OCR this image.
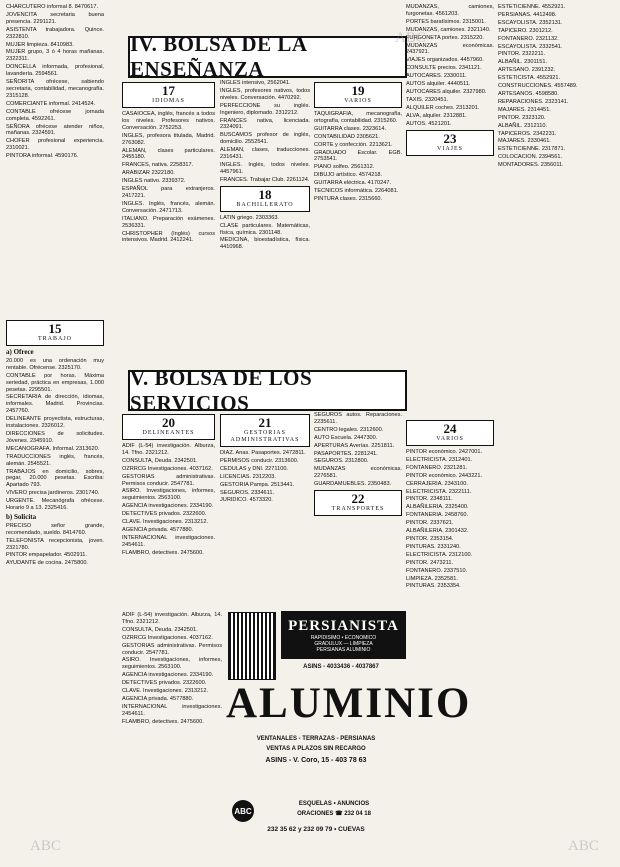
CHARCUTERO informal 8. 8470617.

JOVENCITA secretaria buena presencia. 2291121.

ASISTENTA trabajadora. Quince. 2322810.

MUJER limpieza. 8410983.

MUJER grupo, 3 ó 4 horas mañanas. 2322311.

DONCELLA informada, profesional, lavandería. 2594561.

SEÑORITA ofrécese, sabiendo secretaria, contabilidad, mecanografía. 2315128.

COMERCIANTE informal. 2414524.

CONTABLE ofrécese jornada completa. 4592261.

SEÑORA ofrécese atender niños, mañanas. 2324591.

CHOFER profesional experiencia. 2310021.

PINTORA informal. 4590176.

15
TRABAJO
a) Ofrece

20.000 es una ordenación muy rentable. Ofrécense. 2325170.

CONTABLE por horas. Máxima seriedad, práctica en empresas, 1.000 pesetas. 2295501.

SECRETARIA de dirección, idiomas, informales. Madrid. Provincias. 2457760.

DELINEANTE proyectista, estructuras, instalaciones. 2326012.

DIRECCIONES de solicitudes. Jóvenes. 2345910.

MECANOGRAFA. Informal. 2313620.

TRADUCCIONES inglés, francés, alemán. 2545521.

TRABAJOS en domicilio, sobres, pegar, 20.000 pesetas. Escriba: Apartado 793.

VIVERO precisa jardineros. 2301740.

URGENTE. Mecanógrafa ofrécese. Horario 9 a 13. 2325416.

b) Solicita

PRECISO señor grande, recomendado, sueldo. 8414760.

TELEFONISTA recepcionista, joven. 2321780.

PINTOR empapelador. 4502911.

AYUDANTE de cocina. 2475800.

IV. BOLSA DE LA ENSEÑANZA
17
IDIOMAS

CASAIOCEA, inglés, francés a todos los niveles. Profesores nativos. Conversación. 2752253.

INGLES, profesora titulada, Madrid. 2763082.

ALEMAN, clases particulares. 2455180.

FRANCES, nativa. 2258317.

ARABIZAR 2322180.

INGLES nativo. 2339372.

ESPAÑOL para extranjeros. 2417221.

INGLES. Inglés, francés, alemán. Conversación. 2471713.

ITALIANO. Preparación exámenes. 2536331.

CHRISTOPHER (Inglés) cursos intensivos. Madrid. 2412241.

INGLES intensivo, 2562041.

INGLES, profesores nativos, todos niveles. Conversación. 4470292.

PERFECCIONE su inglés. Ingeniero, diplomado. 2312212.

FRANCES nativa, licenciada. 2324091.

BUSCAMOS profesor de inglés, domicilio. 2552541.

ALEMAN, clases, traducciones. 2316431.

INGLES. Inglés, todos niveles. 4457961.

FRANCES. Trabajar Club. 2261124.

18
BACHILLERATO

LATIN griego. 2303363.

CLASE particulares. Matemáticas, física, química. 2301148.

MEDICINA, bioestadística, física. 4410968.

19
VARIOS

TAQUIGRAFIA, mecanografía, ortografía, contabilidad. 2315260.

GUITARRA clases. 2323614.

CONTABILIDAD 2305621.

CORTE y confección. 2213621.

GRADUADO Escolar. EGB. 2753541.

PIANO solfeo. 2561312.

DIBUJO artístico. 4574218.

GUITARRA eléctrica. 4170247.

TECNICOS informática. 2264081.

PINTURA clases. 2315660.

V. BOLSA DE LOS SERVICIOS
20
DELINEANTES

ADIF (L-54) investigación. Alburza, 14. Tfno. 2321212.

CONSULTA, Deuda. 2342501.

OZRRCG Investigaciones. 4037162.

GESTORIAS administrativas. Permisos conducir. 2547781.

ASIRO. Investigaciones, informes, seguimientos. 2563100.

AGENCIA investigaciones. 2334190.

DETECTIVES privados. 2322600.

CLAVE. Investigaciones. 2313212.

AGENCIA privada. 4577880.

INTERNACIONAL investigaciones. 2454611.

FLAMBRO, detectives. 2475600.

21
GESTORIAS ADMINISTRATIVAS

DIAZ. Anas. Pasaportes. 2472811.

PERMISOS conducir. 2313600.

CEDULAS y DNI. 2271100.

LICENCIAS. 2312203.

GESTORIA Pampa. 2513441.

SEGUROS. 2334611.

JURIDICO. 4573320.

SEGUROS autos. Reparaciones. 2235611.

CENTRO legales. 2312600.

AUTO Escuela. 2447300.

APERTURAS Averías. 2251811.

PASAPORTES. 2281241.

SEGUROS. 2312800.

MUDANZAS económicas. 2276581.

GUARDAMUEBLES. 2350483.

22
TRANSPORTES
PERSIANISTA
RAPIDISIMO • ECONOMICO
GRADULUX — LIMPIEZA
PERSIANAS ALUMINIO
ASINS - 4033436 - 4037867
ALUMINIO
VENTANALES - TERRAZAS - PERSIANAS
VENTAS A PLAZOS SIN RECARGO
ASINS - V. Coro, 15 - 403 78 63
ABC
ESQUELAS • ANUNCIOS
ORACIONES ☎ 232 04 18
232 35 62 y 232 09 79 • CUEVAS

ADIF (L-54) investigación. Alburza, 14. Tfno. 2321212.

CONSULTA, Deuda. 2342501.

OZRRCG Investigaciones. 4037162.

GESTORIAS administrativas. Permisos conducir. 2547781.

ASIRO. Investigaciones, informes, seguimientos. 2563100.

AGENCIA investigaciones. 2334190.

DETECTIVES privados. 2322600.

CLAVE. Investigaciones. 2313212.

AGENCIA privada. 4577880.

INTERNACIONAL investigaciones. 2454611.

FLAMBRO, detectives. 2475600.

MUDANZAS, camiones, furgonetas. 4561203.

PORTES baratísimos. 2315001.

MUDANZAS, camiones. 2321140.

FURGONETA portes. 2315220.

MUDANZAS económicas. 2437921.

VIAJES organizados. 4457960.

CONSULTE precios. 2341121.

AUTOCARES. 2330011.

AUTOS alquiler. 4440511.

AUTOCARES alquiler. 2327980.

TAXIS. 2320451.

ALQUILER coches. 2313201.

ALVA, alquiler. 2312881.

AUTOS. 4521201.

23
VIAJES
24
VARIOS

PINTOR económico. 2427001.

ELECTRICISTA. 2312401.

FONTANERO. 2321281.

PINTOR económico. 2443221.

CERRAJERIA. 2343100.

ELECTRICISTA. 2322111.

PINTOR. 2348111.

ALBAÑILERIA. 2325400.

FONTANERIA. 2458760.

PINTOR. 2337621.

ALBAÑILERIA. 2301432.

PINTOR. 2353154.

PINTURAS. 2331240.

ELECTRICISTA. 2312100.

PINTOR. 2473211.

FONTANERO. 2337510.

LIMPIEZA. 2352581.

PINTURAS. 2353354.

ESTETICIENNE. 4552921.

PERSIANAS. 4412498.

ESCAYOLISTA. 2352131.

TAPICERO. 2301212.

FONTANERO. 2321132.

ESCAYOLISTA. 2332541.

PINTOR. 2322211.

ALBAÑIL. 2301151.

ARTESANO. 2391232.

ESTETICISTA. 4552921.

CONSTRUCCIONES. 4557489.

ARTESANOS. 4598580.

REPARACIONES. 2323141.

MAJARES. 2314451.

PINTOR. 2323120.

ALBAÑIL. 2312110.

TAPICEROS. 2342231.

MAJARES. 2330461.

ESTETICIENNE. 2317871.

COLOCACION. 2394561.

MONTADORES. 2356011.

ABC
ABC	ABC
